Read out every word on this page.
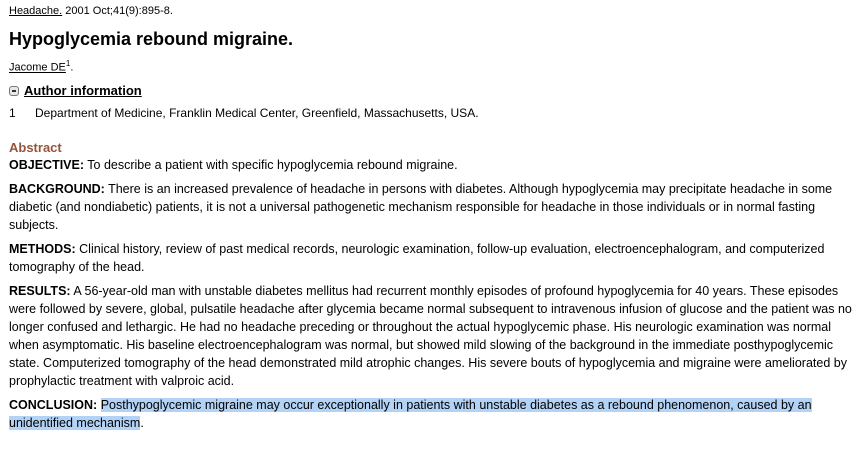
Headache. 2001 Oct;41(9):895-8.
Hypoglycemia rebound migraine.
Jacome $DE^1$.
Author information
1 Department of Medicine, Franklin Medical Center, Greenfield, Massachusetts, USA.
Abstract

OBJECTIVE: To describe a patient with specific hypoglycemia rebound migraine.

BACKGROUND: There is an increased prevalence of headache in persons with diabetes. Although hypoglycemia may precipitate headache in some diabetic (and nondiabetic) patients, it is not a universal pathogenetic mechanism responsible for headache in those individuals or in normal fasting subjects.

METHODS: Clinical history, review of past medical records, neurologic examination, follow-up evaluation, electroencephalogram, and computerized tomography of the head.

RESULTS: A 56-year-old man with unstable diabetes mellitus had recurrent monthly episodes of profound hypoglycemia for 40 years. These episodes were followed by severe, global, pulsatile headache after glycemia became normal subsequent to intravenous infusion of glucose and the patient was no longer confused and lethargic. He had no headache preceding or throughout the actual hypoglycemic phase. His neurologic examination was normal when asymptomatic. His baseline electroencephalogram was normal, but showed mild slowing of the background in the immediate posthypoglycemic state. Computerized tomography of the head demonstrated mild atrophic changes. His severe bouts of hypoglycemia and migraine were ameliorated by prophylactic treatment with valproic acid.

CONCLUSION: Posthypoglycemic migraine may occur exceptionally in patients with unstable diabetes as a rebound phenomenon, caused by an unidentified mechanism.
